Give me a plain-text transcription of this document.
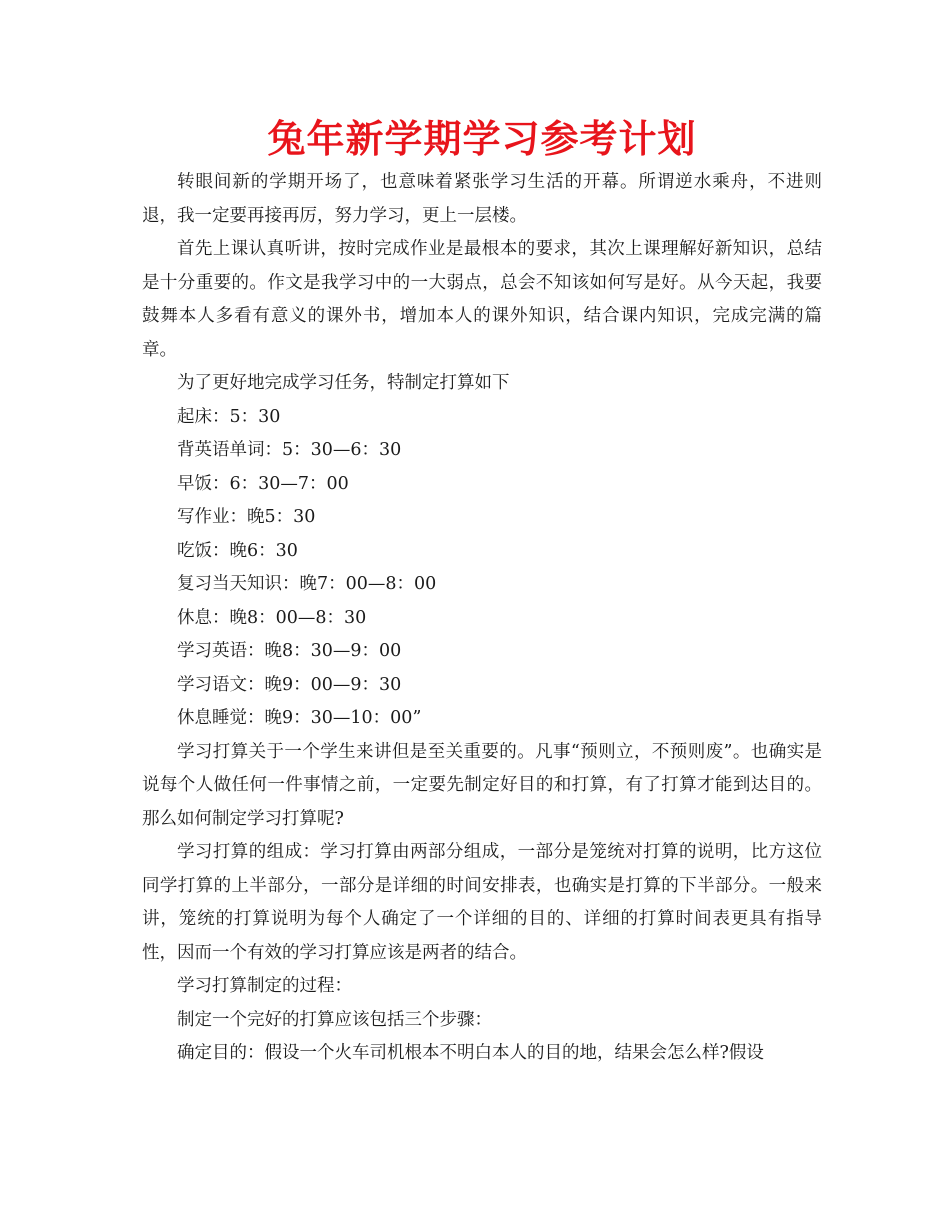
兔年新学期学习参考计划

转眼间新的学期开场了，也意味着紧张学习生活的开幕。所谓逆水乘舟，不进则退，我一定要再接再厉，努力学习，更上一层楼。

首先上课认真听讲，按时完成作业是最根本的要求，其次上课理解好新知识，总结是十分重要的。作文是我学习中的一大弱点，总会不知该如何写是好。从今天起，我要鼓舞本人多看有意义的课外书，增加本人的课外知识，结合课内知识，完成完满的篇章。

为了更好地完成学习任务，特制定打算如下

起床：5：30

背英语单词：5：30—6：30

早饭：6：30—7：00

写作业：晚5：30

吃饭：晚6：30

复习当天知识：晚7：00—8：00

休息：晚8：00—8：30

学习英语：晚8：30—9：00

学习语文：晚9：00—9：30

休息睡觉：晚9：30—10：00”

学习打算关于一个学生来讲但是至关重要的。凡事“预则立，不预则废”。也确实是说每个人做任何一件事情之前，一定要先制定好目的和打算，有了打算才能到达目的。那么如何制定学习打算呢?

学习打算的组成：学习打算由两部分组成，一部分是笼统对打算的说明，比方这位同学打算的上半部分，一部分是详细的时间安排表，也确实是打算的下半部分。一般来讲，笼统的打算说明为每个人确定了一个详细的目的、详细的打算时间表更具有指导性，因而一个有效的学习打算应该是两者的结合。

学习打算制定的过程：

制定一个完好的打算应该包括三个步骤：

确定目的：假设一个火车司机根本不明白本人的目的地，结果会怎么样?假设
